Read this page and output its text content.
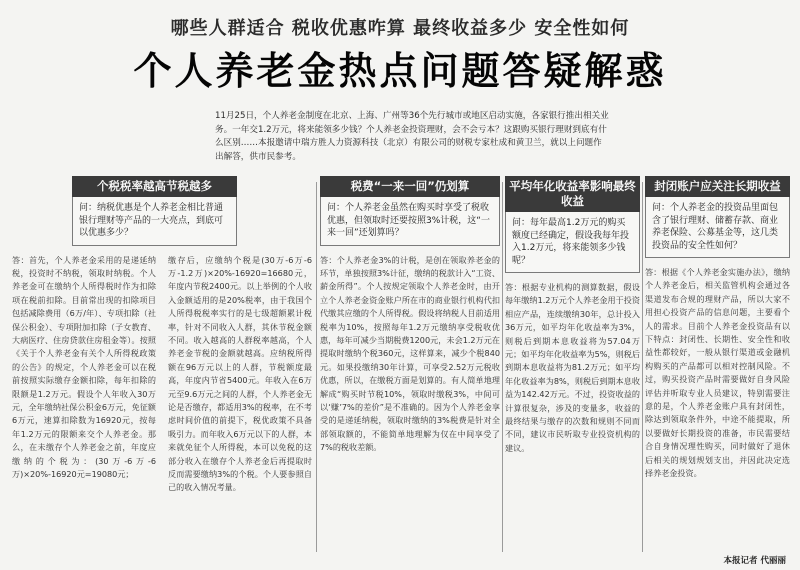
哪些人群适合 税收优惠咋算 最终收益多少 安全性如何
个人养老金热点问题答疑解惑

11月25日，个人养老金制度在北京、上海、广州等36个先行城市或地区启动实施，各家银行推出相关业务。一年交1.2万元，将来能领多少钱？个人养老金投资理财，会不会亏本？这跟购买银行理财到底有什么区别……本报邀请中瑞方胜人力资源科技（北京）有限公司的财税专家杜成和黄卫兰，就以上问题作出解答，供市民参考。

个税税率越高节税越多
问：纳税优惠是个人养老金相比普通银行理财等产品的一大亮点，到底可以优惠多少？

答：首先，个人养老金采用的是递延纳税，投资时不纳税，领取时纳税。个人养老金可在缴纳个人所得税时作为扣除项在税前扣除。目前常出现的扣除项目包括减除费用（6万/年）、专项扣除（社保公积金）、专项附加扣除（子女教育、大病医疗、住房贷款住房租金等）。按照《关于个人养老金有关个人所得税政策的公告》的规定，个人养老金可以在税前按照实际缴存金额扣除，每年扣除的限额是1.2万元。假设个人年收入30万元，全年缴纳社保公积金6万元，免征额6万元，速算扣除数为16920元，按每年1.2万元的限额来交个人养老金。那么，在未缴存个人养老金之前，年度应缴纳的个税为：(30万-6万-6万)×20%-16920元=19080元；

缴存后，应缴纳个税是(30万-6万-6万-1.2万)×20%-16920=16680元，年度内节税2400元。以上举例的个人收入金额适用的是20%税率，由于我国个人所得税税率实行的是七级超额累计税率，针对不同收入人群，其休节税金额不同。收入越高的人群税率越高，个人养老金节税的金额就越高。应纳税所得额在96万元以上的人群，节税额度最高，年度内节省5400元。年收入在6万元至9.6万元之间的人群，个人养老金无论是否缴存，都适用3%的税率，在不考虑时间价值的前提下，税优政策不具备吸引力。而年收入6万元以下的人群，本来就免征个人所得税，本可以免税的这部分收入在缴存个人养老金后再提取时反而需要缴纳3%的个税。个人要参照自己的收入情况考量。

税费“一来一回”仍划算
问：个人养老金虽然在购买时享受了税收优惠，但领取时还要按照3%计税，这“一来一回”还划算吗？

答：个人养老金3%的计税，是创在领取养老金的环节，单独按照3%计征，缴纳的税款计入“工资、薪金所得”。个人按规定领取个人养老金时，由开立个人养老金资金账户所在市的商业银行机构代扣代缴其应缴的个人所得税。假设将纳税人目前适用税率为10%，按照每年1.2万元缴纳享受税收优惠，每年可减少当期税费1200元，未会1.2万元在提取时缴纳个税360元，这样算来，减少个税840元。如果投缴纳30年计算，可享受2.52万元税收优惠，所以，在缴税方面是划算的。有人简单地理解成“购买时节税10%，领取时缴税3%，中间可以‘赚’7%的差价”是不准确的。因为个人养老金享受的是递延纳税，领取时缴纳的3%税费是针对全部领取额的，不能简单地理解为仅在中间享受了7%的税收差额。

平均年化收益率影响最终收益
问：每年最高1.2万元的购买额度已经确定，假设我每年投入1.2万元，将来能领多少钱呢？

答：根据专业机构的测算数据，假设每年缴纳1.2万元个人养老金用于投资相应产品，连续缴纳30年，总计投入36万元，如平均年化收益率为3%，则税后到期本息收益将为57.04万元；如平均年化收益率为5%，则税后到期本息收益将为81.2万元；如平均年化收益率为8%，则税后到期本息收益为142.42万元。不过，投资收益的计算很复杂，涉及的变量多，收益的最终结果与缴存的次数和规则不同而不同，建议市民听取专业投资机构的建议。

封闭账户应关注长期收益
问：个人养老金的投资品里面包含了银行理财、储蓄存款、商业养老保险、公募基金等，这几类投资品的安全性如何？

答：根据《个人养老金实施办法》，缴纳个人养老金后，相关监管机构会通过各渠道发布合规的理财产品，所以大家不用担心投资产品的信息问题，主要看个人的需求。目前个人养老金投资品有以下特点：封闭性、长期性、安全性和收益性都较好，一般从银行渠道或金融机构购买的产品都可以相对控制风险。不过，购买投资产品时需要做好自身风险评估并听取专业人员建议，特别需要注意的是，个人养老金账户具有封闭性，除达到领取条件外，中途不能提取，所以要做好长期投资的准备，市民需要结合自身情况理性购买，同时做好了退休后相关的规划规划支出，并因此决定选择养老金投资。

本报记者 代丽丽
